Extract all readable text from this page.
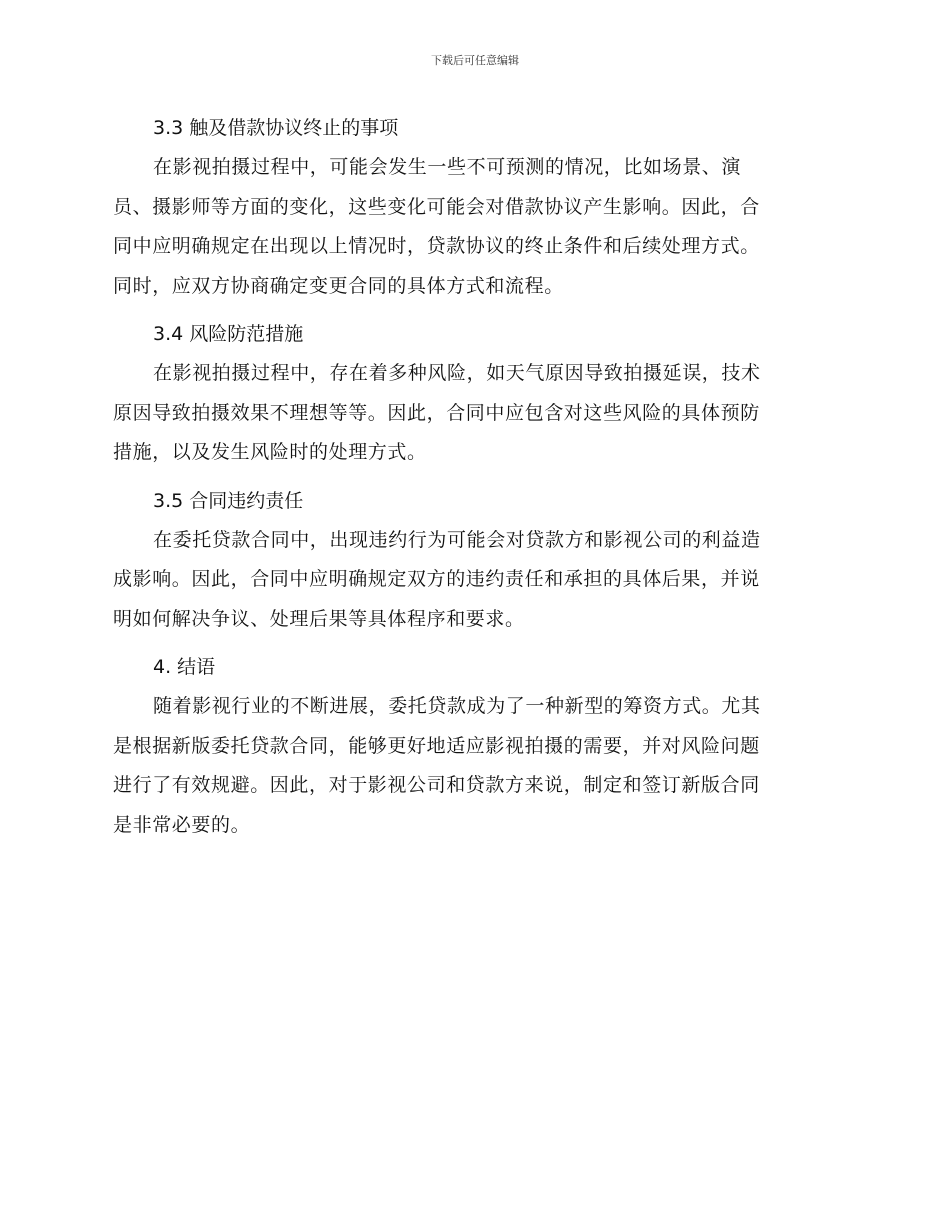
下载后可任意编辑
3.3 触及借款协议终止的事项

在影视拍摄过程中，可能会发生一些不可预测的情况，比如场景、演
员、摄影师等方面的变化，这些变化可能会对借款协议产生影响。因此，合
同中应明确规定在出现以上情况时，贷款协议的终止条件和后续处理方式。
同时，应双方协商确定变更合同的具体方式和流程。

3.4 风险防范措施

在影视拍摄过程中，存在着多种风险，如天气原因导致拍摄延误，技术
原因导致拍摄效果不理想等等。因此，合同中应包含对这些风险的具体预防
措施，以及发生风险时的处理方式。

3.5 合同违约责任

在委托贷款合同中，出现违约行为可能会对贷款方和影视公司的利益造
成影响。因此，合同中应明确规定双方的违约责任和承担的具体后果，并说
明如何解决争议、处理后果等具体程序和要求。

4. 结语

随着影视行业的不断进展，委托贷款成为了一种新型的筹资方式。尤其
是根据新版委托贷款合同，能够更好地适应影视拍摄的需要，并对风险问题
进行了有效规避。因此，对于影视公司和贷款方来说，制定和签订新版合同
是非常必要的。
